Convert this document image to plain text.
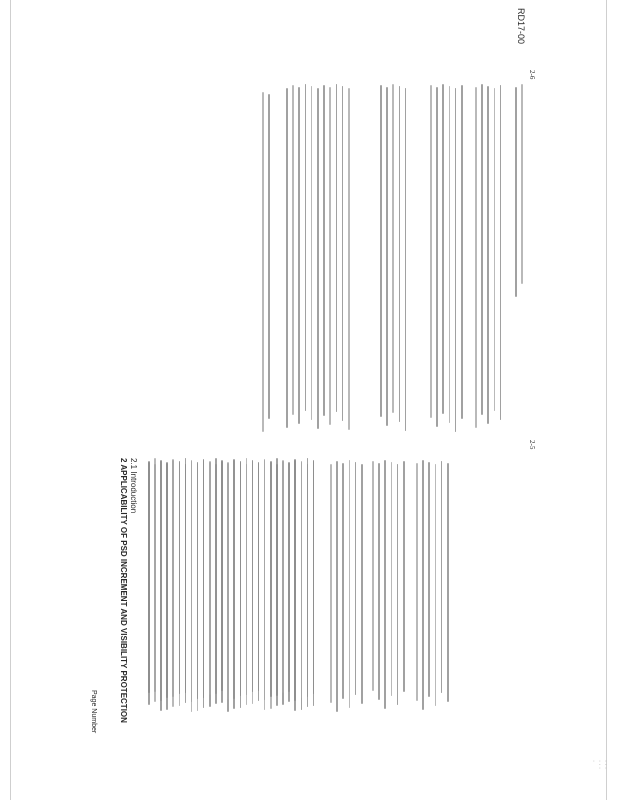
RD17-00
2-6
2-5
2 APPLICABILITY OF PSD INCREMENT AND VISIBILITY PROTECTION 2.1 Introduction
Page Number
· · · · · · ·
